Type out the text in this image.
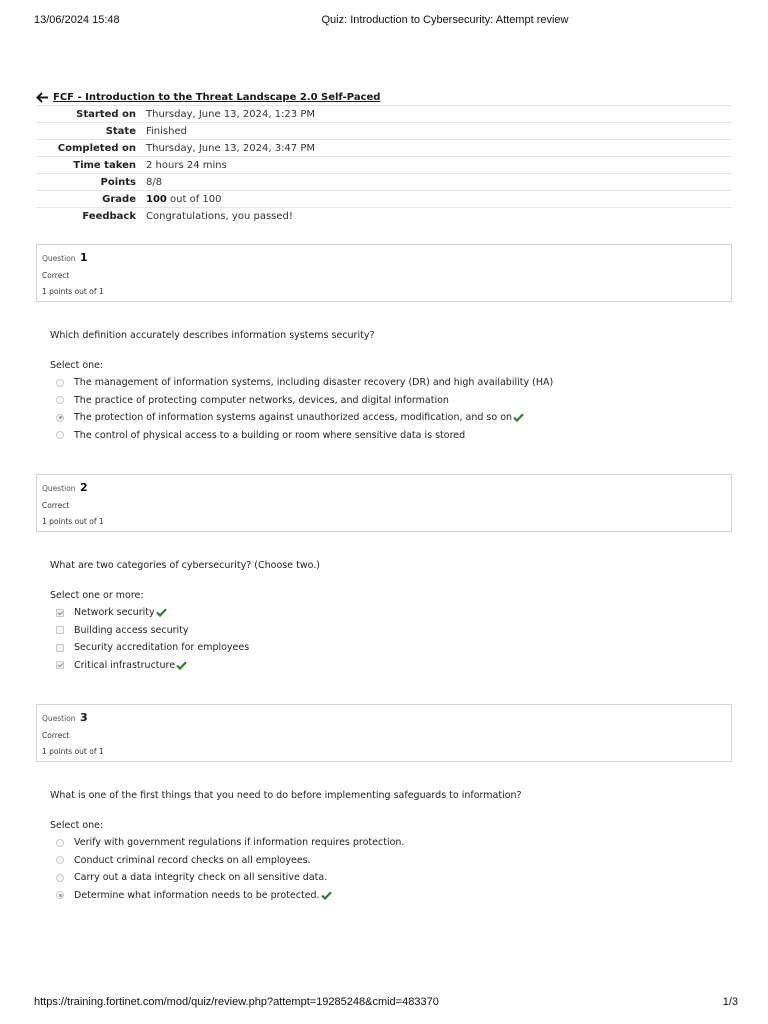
13/06/2024 15:48	Quiz: Introduction to Cybersecurity: Attempt review
FCF - Introduction to the Threat Landscape 2.0 Self-Paced
Started on	Thursday, June 13, 2024, 1:23 PM
State	Finished
Completed on	Thursday, June 13, 2024, 3:47 PM
Time taken	2 hours 24 mins
Points	8/8
Grade	100 out of 100
Feedback	Congratulations, you passed!
Question 1
Correct
1 points out of 1
Which definition accurately describes information systems security?
Select one:
The management of information systems, including disaster recovery (DR) and high availability (HA)
The practice of protecting computer networks, devices, and digital information
The protection of information systems against unauthorized access, modification, and so on
The control of physical access to a building or room where sensitive data is stored
Question 2
Correct
1 points out of 1
What are two categories of cybersecurity? (Choose two.)
Select one or more:
Network security
Building access security
Security accreditation for employees
Critical infrastructure
Question 3
Correct
1 points out of 1
What is one of the first things that you need to do before implementing safeguards to information?
Select one:
Verify with government regulations if information requires protection.
Conduct criminal record checks on all employees.
Carry out a data integrity check on all sensitive data.
Determine what information needs to be protected.
https://training.fortinet.com/mod/quiz/review.php?attempt=19285248&cmid=483370	1/3
